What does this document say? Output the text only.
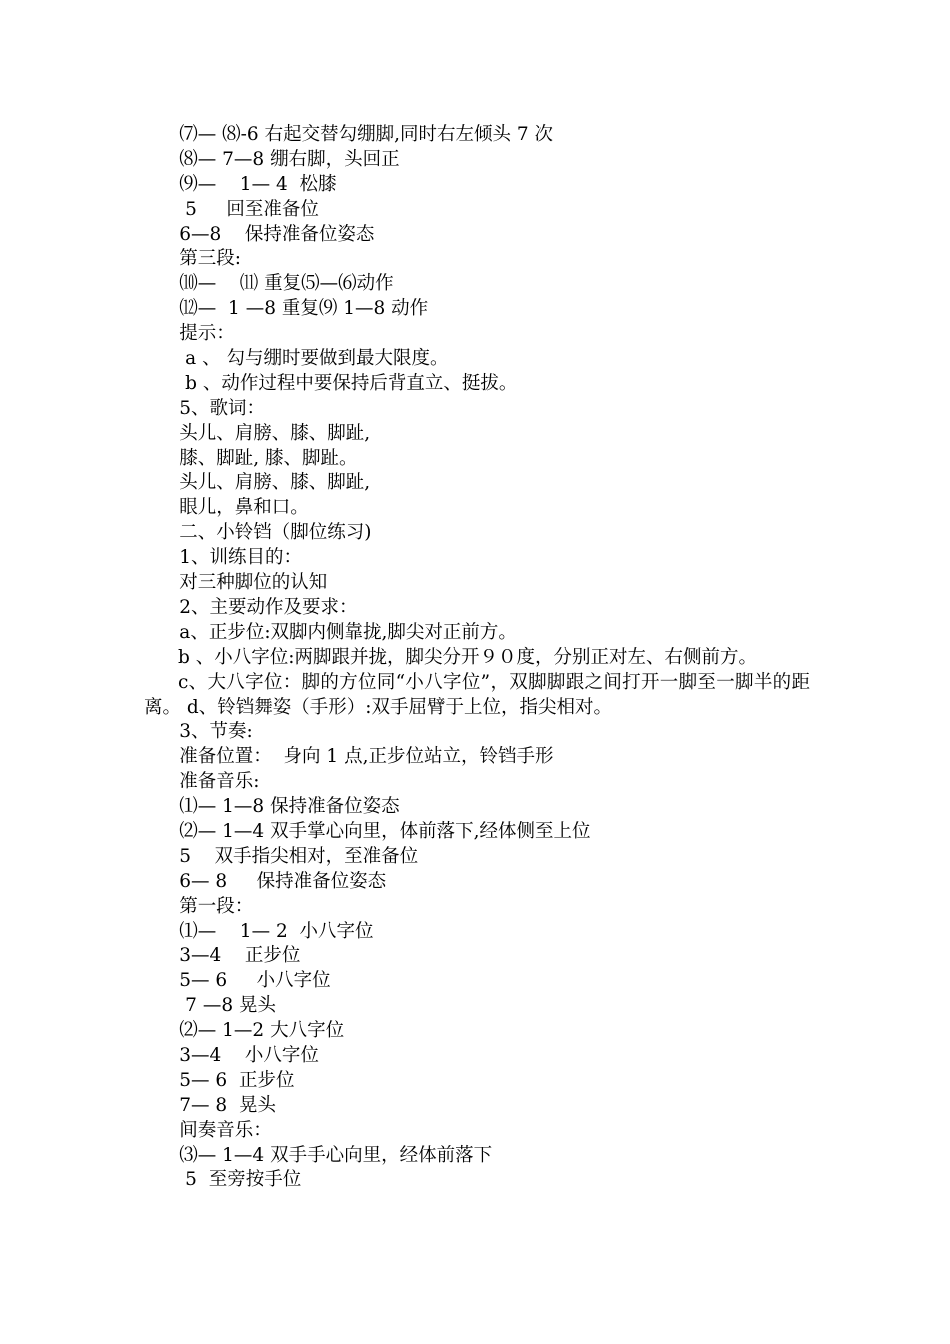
⑺— ⑻-6 右起交替勾绷脚,同时右左倾头 7 次
⑻— 7—8 绷右脚，头回正
⑼—    1— 4  松膝
5     回至准备位
6—8    保持准备位姿态
第三段:
⑽—    ⑾ 重复⑸—⑹动作
⑿—  1 —8 重复⑼ 1—8 动作
提示：
a 、 勾与绷时要做到最大限度。
b 、动作过程中要保持后背直立、挺拔。
5、歌词：
头儿、肩膀、膝、脚趾,
膝、脚趾, 膝、脚趾。
头儿、肩膀、膝、脚趾,
眼儿，鼻和口。
二、小铃铛（脚位练习)
1、训练目的：
对三种脚位的认知
2、主要动作及要求：
a、正步位:双脚内侧靠拢,脚尖对正前方。
b 、小八字位:两脚跟并拢，脚尖分开９０度，分别正对左、右侧前方。
c、大八字位：脚的方位同“小八字位”，双脚脚跟之间打开一脚至一脚半的距离。 d、铃铛舞姿（手形）:双手屈臂于上位，指尖相对。
3、节奏:
准备位置：  身向 1 点,正步位站立，铃铛手形
准备音乐:
⑴— 1—8 保持准备位姿态
⑵— 1—4 双手掌心向里，体前落下,经体侧至上位
5    双手指尖相对，至准备位
6— 8     保持准备位姿态
第一段：
⑴—    1— 2  小八字位
3—4    正步位
5— 6     小八字位
7 —8 晃头
⑵— 1—2 大八字位
3—4    小八字位
5— 6  正步位
7— 8  晃头
间奏音乐：
⑶— 1—4 双手手心向里，经体前落下
5  至旁按手位
